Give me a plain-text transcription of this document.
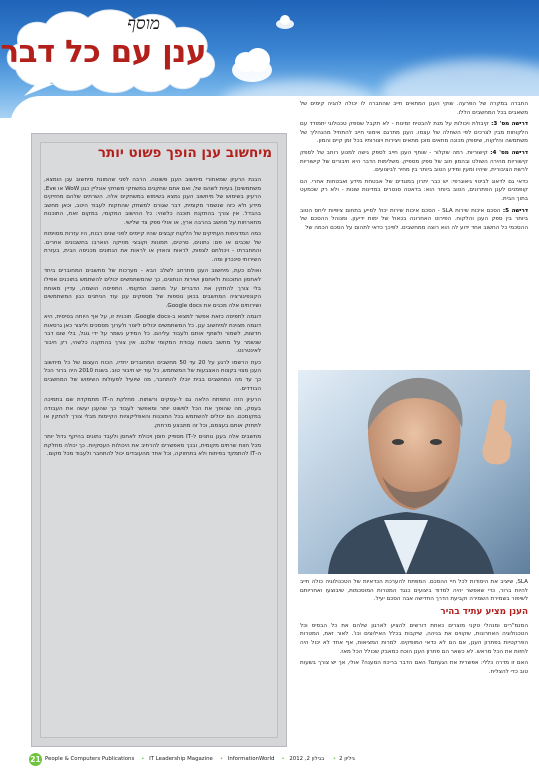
מוסף
ענן עם כל דבר

החברה במקרה של הפרעה. שוקי הענן המתאים חייב שהחברה לו יכולה להגיה קימים של משאבים בכל המחשבים הללו.

דרישה מס' 3: קיבולת ויכולות על מנת להבטיח זמינות - לא תקבל שספק טכנולוגי יתמודד עם הלקוחות מבין לצרכים לפי השחלה של עצמו. הענן מתרגם אימוני חייב להתחיל מהנהליך של משתמשה והלקוח, שיספק מכונה מתאים מוכן מתאים ויצירות ויצורותיו בכל זמן קיים והמון.

דרישה מס' 4: קישוריות. רמה שקלור - שוחף הענן חייב לספק גישה למנוע רוחב של לספק קישוריות מהירה השולט ובהמון חוב של ספק מספיק. משלימות הדבר היא חיבורים של קישוריות לרשת הציבורית, שיהיו ומעין ומידע הטוב ביותר בין מחיר לביצועים.

כדאי גם לדאוג לביטוי גיאוגרפי: יש כבר יתרון במוגדים של אבטחת מידע ואבטחות אחרי. הם קופמנים לענן הפתרונים, הטוב ביותר הוא: בדאטה סנטרים במדינות שונות - ולא רק שכמעט בתוך הבית.

דרישה 5: הסכם איכות שירות SLA - הסכם איכות שירות יכול לסייע בתחום ציפיות ליחס הטוב ביותר בין ספק הענן והלקוח. הפירוט האחרונה בכאול של ימות ידיעון. ומנוהל ההסכם של ההסכמי כל החשוב אחד ידוע לה הוא רוצה ממחשבים. לפיכך כדאי לתהום על הסכם הכמה של

SLA, שיציב את היסודות לכל חיי ההסכם. המפתח להערכת הכדאיות של הטכנולוגיה כולה חייב להיות ברור, כדי שאפשר יהיה למדוד ביצועים כנגד המטרות המוסכמות, שיבוצעו ואחריותם לשיפור בשמירת השמירה וקביעת הדרך החדישה אבה הסכם יעיל.

הענן מציע עתיד בהיר

המנמ"רים ומנהלי טקני מוצרים כאחת דורשים להציע לארגון שלהם את כל הבסיס וכל הטכנולוגיה האחרונות, שקווים את בניהה, שיקבות בכלל האילוצים וכו'. לאור זאת, המטרות הפרקטיות בפתרון הענן, אם הם לא כדאי המופקים. למרות המציאות, אף אחד לא יכול היה לחזות את הכל מראש. לא כשאר הם פתרון הענן הוכח כמאבק שכולל הכל מאז.

האם זו מדרה כללי: אפשרית את הגעתם? האם הדבר בריכוז המענה? אולי, אך יש צורך בשעות טוב כדי להצליח.

מיחשוב ענן הופך פשוט יותר

הבנת הרעיון שמאחורי מיחשוב הענן פשוטה. הרבה לפני שהמונח מיחשוב ענן הומצא, משתמשים) בעיות לשהם של, ואם אתם שחקנים במשחקי משחקי אונליין כגון WoW או Eve, הרעיון בשימוש של מיחשוב הענן נמצא בשימוש במשחקים אלה. השרתים שלהם מחזיקים מידע ולא כזה שנשמר מקומית, דבר שגורם למשחק שהחקות לעבוד היטב, וכאן מחשב בהבדל. אין צורך בהתקנת תוכנה כלשהי: כל ההישוב המקומי, במקום זאת, התוכנות מתארחות על מחשב בהרבה ארץ, או אולי ספק צד שלישי.

כמה המדגימות העתיקים של הלקוח קבצים שהיו קיימים לפני שנים רבות, היו עזרות מסוימות של שכבים או פם: נתונים, סרטים, תמונות וקובצי מוזיקה הוארבו בחשבונים אחרים. והתחברתו - ויכולתם לצפות, לראות והאזין או לראות את הנתונים מכניסה הבית, בעזרת השירותי סינכרון ומה.

ואולם כעת, מיחשוב הענן מתרחב לשלב הבא - מערכות של מחשבים המחוברים ביחד לאחסון התוכנות ולאחסון ושירות הנתונים, כך שהמשתמשים יכולים להשתמש בתוכנים אפילו בלי צורך להתקין את הדברים על מחשב המקומי. התפיסה הושמה, עדיין מאוחת הקונפיגורציה המחשבים בכאן נוספות של מספקים ענן עוד הניתנים כגון המשתמשים ושירותים אלה מכנים את Google docs.

דוגמה לתפיסה כזאת אפשר למצוא ב-Google docs. תוכנית זו, על אף היותה בסיסית, היא דוגמה מצוינת למיחשוב ענן. כל המשתמשים יכולים ליצור ולערוך מסמכים וליצור כאן גרסאות חדשות, לשמור ולשתף אותם ולעבוד עליהם. כל המידע נשמר על ידי גוגל, בלי שום דבר שנשמר על מחשב בשטח עבודת המקומי שלכם. אין צורך בהתקנה כלשהי, רק חיבור לאינטרנט.

כעת הרשמו לרגע על 20 עד 50 מחשבים המחוברים יחדיו, הכוח העצום של כל מיחשוב הענן מצוי בקצות האצבעות של המשתמש, כל עוד יש חיבור טוב. בשנת 2010 היה ברור הכל כך עד מה המחשבים בבית יוכלו להתחבר, מה שיועיל לפעולות השימוש של המחשבים הבודדים.

הרעיון הזה התפתח הלאה גם ל-עסקים ורשתות. מחלקת ה-IT מתמקדת שם בתמיכה בעסק, מה שהופך את הכל לפשוט יותר ומאפשר לעבוד כך שהענן יעשה את העבודה במקומכם. הם יכולים להשתמש בכל התוכנות והאפליקציות הקיימות מבלי צורך להתקין או לתחזק אותם בעצמם, וכל זה מתבצע מרחוק.

מחשבים אלה בענן נותנים ל-IT מספיק חוסן ויכולת לאחסן ולעבד נתונים בהיקף גדול יותר מכל חוות שרתים מקומית, ובכך מאפשרים להרחיב את היכולות העסקיות. כך יכולה מחלקת ה-IT להתמקד בפיתוח ולא בתחזוקה, וכל אחד מהעובדים יכול להתחבר ולעבוד מכל מקום.

21 People & Computers Publications • IT Leadership Magazine • InformationWorld • 2012 ,גיליון 2• בגילון 2
